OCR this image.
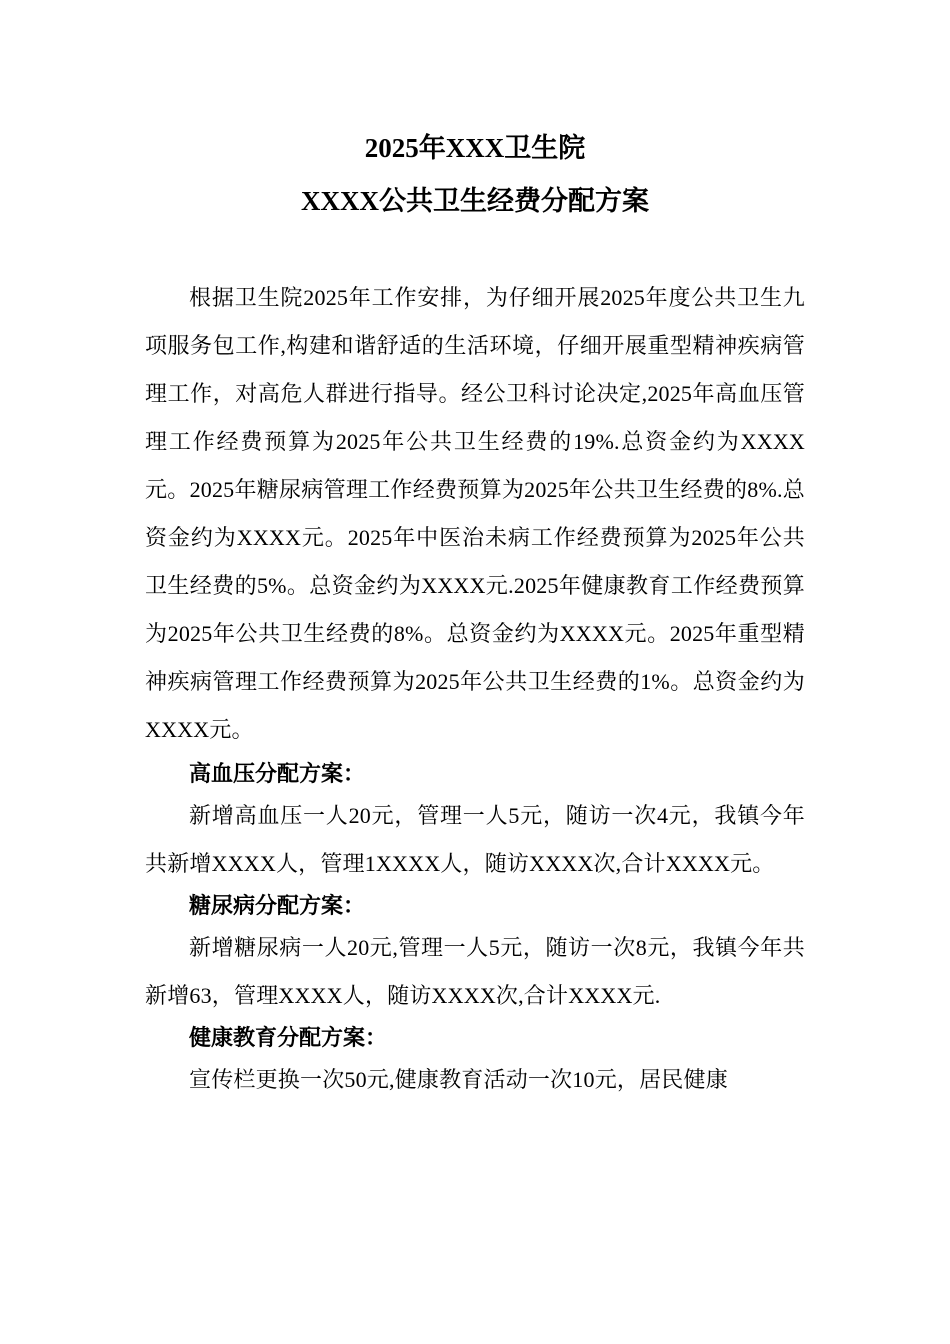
2025年XXX卫生院
XXXX公共卫生经费分配方案

根据卫生院2025年工作安排，为仔细开展2025年度公共卫生九项服务包工作,构建和谐舒适的生活环境，仔细开展重型精神疾病管理工作，对高危人群进行指导。经公卫科讨论决定,2025年高血压管理工作经费预算为2025年公共卫生经费的19%.总资金约为XXXX元。2025年糖尿病管理工作经费预算为2025年公共卫生经费的8%.总资金约为XXXX元。2025年中医治未病工作经费预算为2025年公共卫生经费的5%。总资金约为XXXX元.2025年健康教育工作经费预算为2025年公共卫生经费的8%。总资金约为XXXX元。2025年重型精神疾病管理工作经费预算为2025年公共卫生经费的1%。总资金约为XXXX元。

高血压分配方案：

新增高血压一人20元，管理一人5元，随访一次4元，我镇今年共新增XXXX人，管理1XXXX人，随访XXXX次,合计XXXX元。

糖尿病分配方案：

新增糖尿病一人20元,管理一人5元，随访一次8元，我镇今年共新增63，管理XXXX人，随访XXXX次,合计XXXX元.

健康教育分配方案：

宣传栏更换一次50元,健康教育活动一次10元，居民健康
